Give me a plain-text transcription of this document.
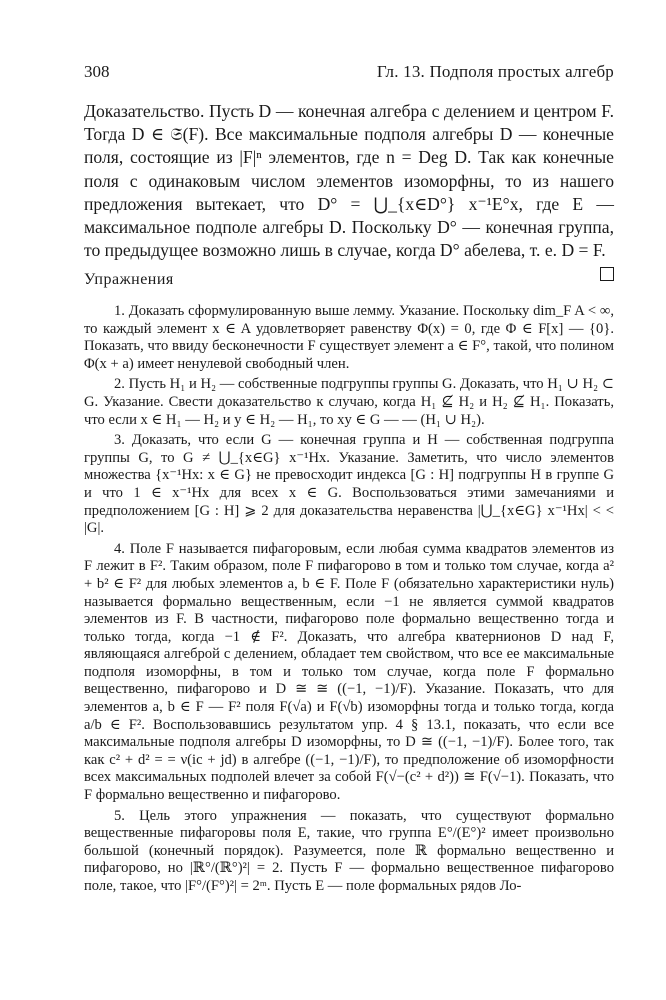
308	Гл. 13. Подполя простых алгебр

Доказательство. Пусть D — конечная алгебра с делением и центром F. Тогда D ∈ 𝔖(F). Все максимальные подполя алгебры D — конечные поля, состоящие из |F|ⁿ элементов, где n = Deg D. Так как конечные поля с одинаковым числом элементов изоморфны, то из нашего предложения вытекает, что D° = ⋃_{x∈D°} x⁻¹E°x, где E — максимальное подполе алгебры D. Поскольку D° — конечная группа, то предыдущее возможно лишь в случае, когда D° абелева, т. е. D = F.

Упражнения

1. Доказать сформулированную выше лемму. Указание. Поскольку dim_F A < ∞, то каждый элемент x ∈ A удовлетворяет равенству Φ(x) = 0, где Φ ∈ F[x] — {0}. Показать, что ввиду бесконечности F существует элемент a ∈ F°, такой, что полином Φ(x + a) имеет ненулевой свободный член.

2. Пусть H₁ и H₂ — собственные подгруппы группы G. Доказать, что H₁ ∪ H₂ ⊂ G. Указание. Свести доказательство к случаю, когда H₁ ⊈ H₂ и H₂ ⊈ H₁. Показать, что если x ∈ H₁ — H₂ и y ∈ H₂ — H₁, то xy ∈ G — — (H₁ ∪ H₂).

3. Доказать, что если G — конечная группа и H — собственная подгруппа группы G, то G ≠ ⋃_{x∈G} x⁻¹Hx. Указание. Заметить, что число элементов множества {x⁻¹Hx: x ∈ G} не превосходит индекса [G : H] подгруппы H в группе G и что 1 ∈ x⁻¹Hx для всех x ∈ G. Воспользоваться этими замечаниями и предположением [G : H] ⩾ 2 для доказательства неравенства |⋃_{x∈G} x⁻¹Hx| < < |G|.

4. Поле F называется пифагоровым, если любая сумма квадратов элементов из F лежит в F². Таким образом, поле F пифагорово в том и только том случае, когда a² + b² ∈ F² для любых элементов a, b ∈ F. Поле F (обязательно характеристики нуль) называется формально вещественным, если −1 не является суммой квадратов элементов из F. В частности, пифагорово поле формально вещественно тогда и только тогда, когда −1 ∉ F². Доказать, что алгебра кватернионов D над F, являющаяся алгеброй с делением, обладает тем свойством, что все ее максимальные подполя изоморфны, в том и только том случае, когда поле F формально вещественно, пифагорово и D ≅ ≅ ((−1, −1)/F). Указание. Показать, что для элементов a, b ∈ F — F² поля F(√a) и F(√b) изоморфны тогда и только тогда, когда a/b ∈ F². Воспользовавшись результатом упр. 4 § 13.1, показать, что если все максимальные подполя алгебры D изоморфны, то D ≅ ((−1, −1)/F). Более того, так как c² + d² = = ν(ic + jd) в алгебре ((−1, −1)/F), то предположение об изоморфности всех максимальных подполей влечет за собой F(√−(c² + d²)) ≅ F(√−1). Показать, что F формально вещественно и пифагорово.

5. Цель этого упражнения — показать, что существуют формально вещественные пифагоровы поля E, такие, что группа E°/(E°)² имеет произвольно большой (конечный порядок). Разумеется, поле ℝ формально вещественно и пифагорово, но |ℝ°/(ℝ°)²| = 2. Пусть F — формально вещественное пифагорово поле, такое, что |F°/(F°)²| = 2ᵐ. Пусть E — поле формальных рядов Ло-
